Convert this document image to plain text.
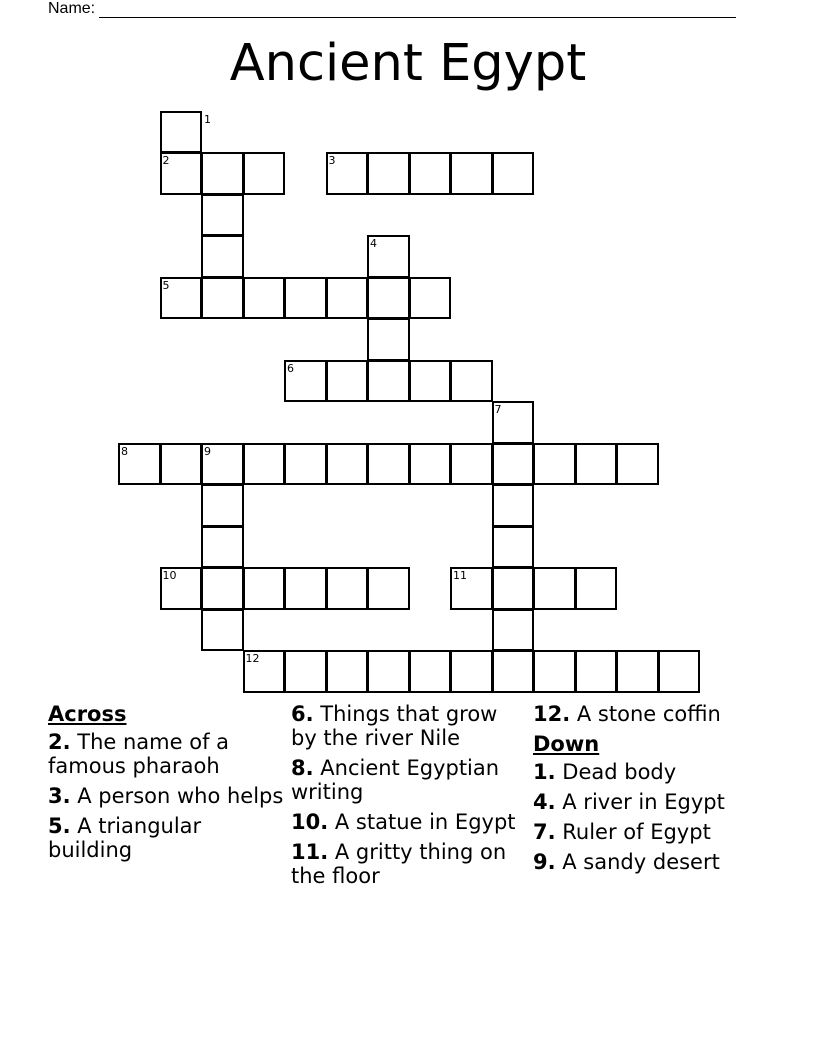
Name:
Ancient Egypt
1
2	3
4
5
6
7
8	9
10	11
12
Across
2. The name of a famous pharaoh
3. A person who helps
5. A triangular building
6. Things that grow by the river Nile
8. Ancient Egyptian writing
10. A statue in Egypt
11. A gritty thing on the floor
12. A stone coffin
Down
1. Dead body
4. A river in Egypt
7. Ruler of Egypt
9. A sandy desert
